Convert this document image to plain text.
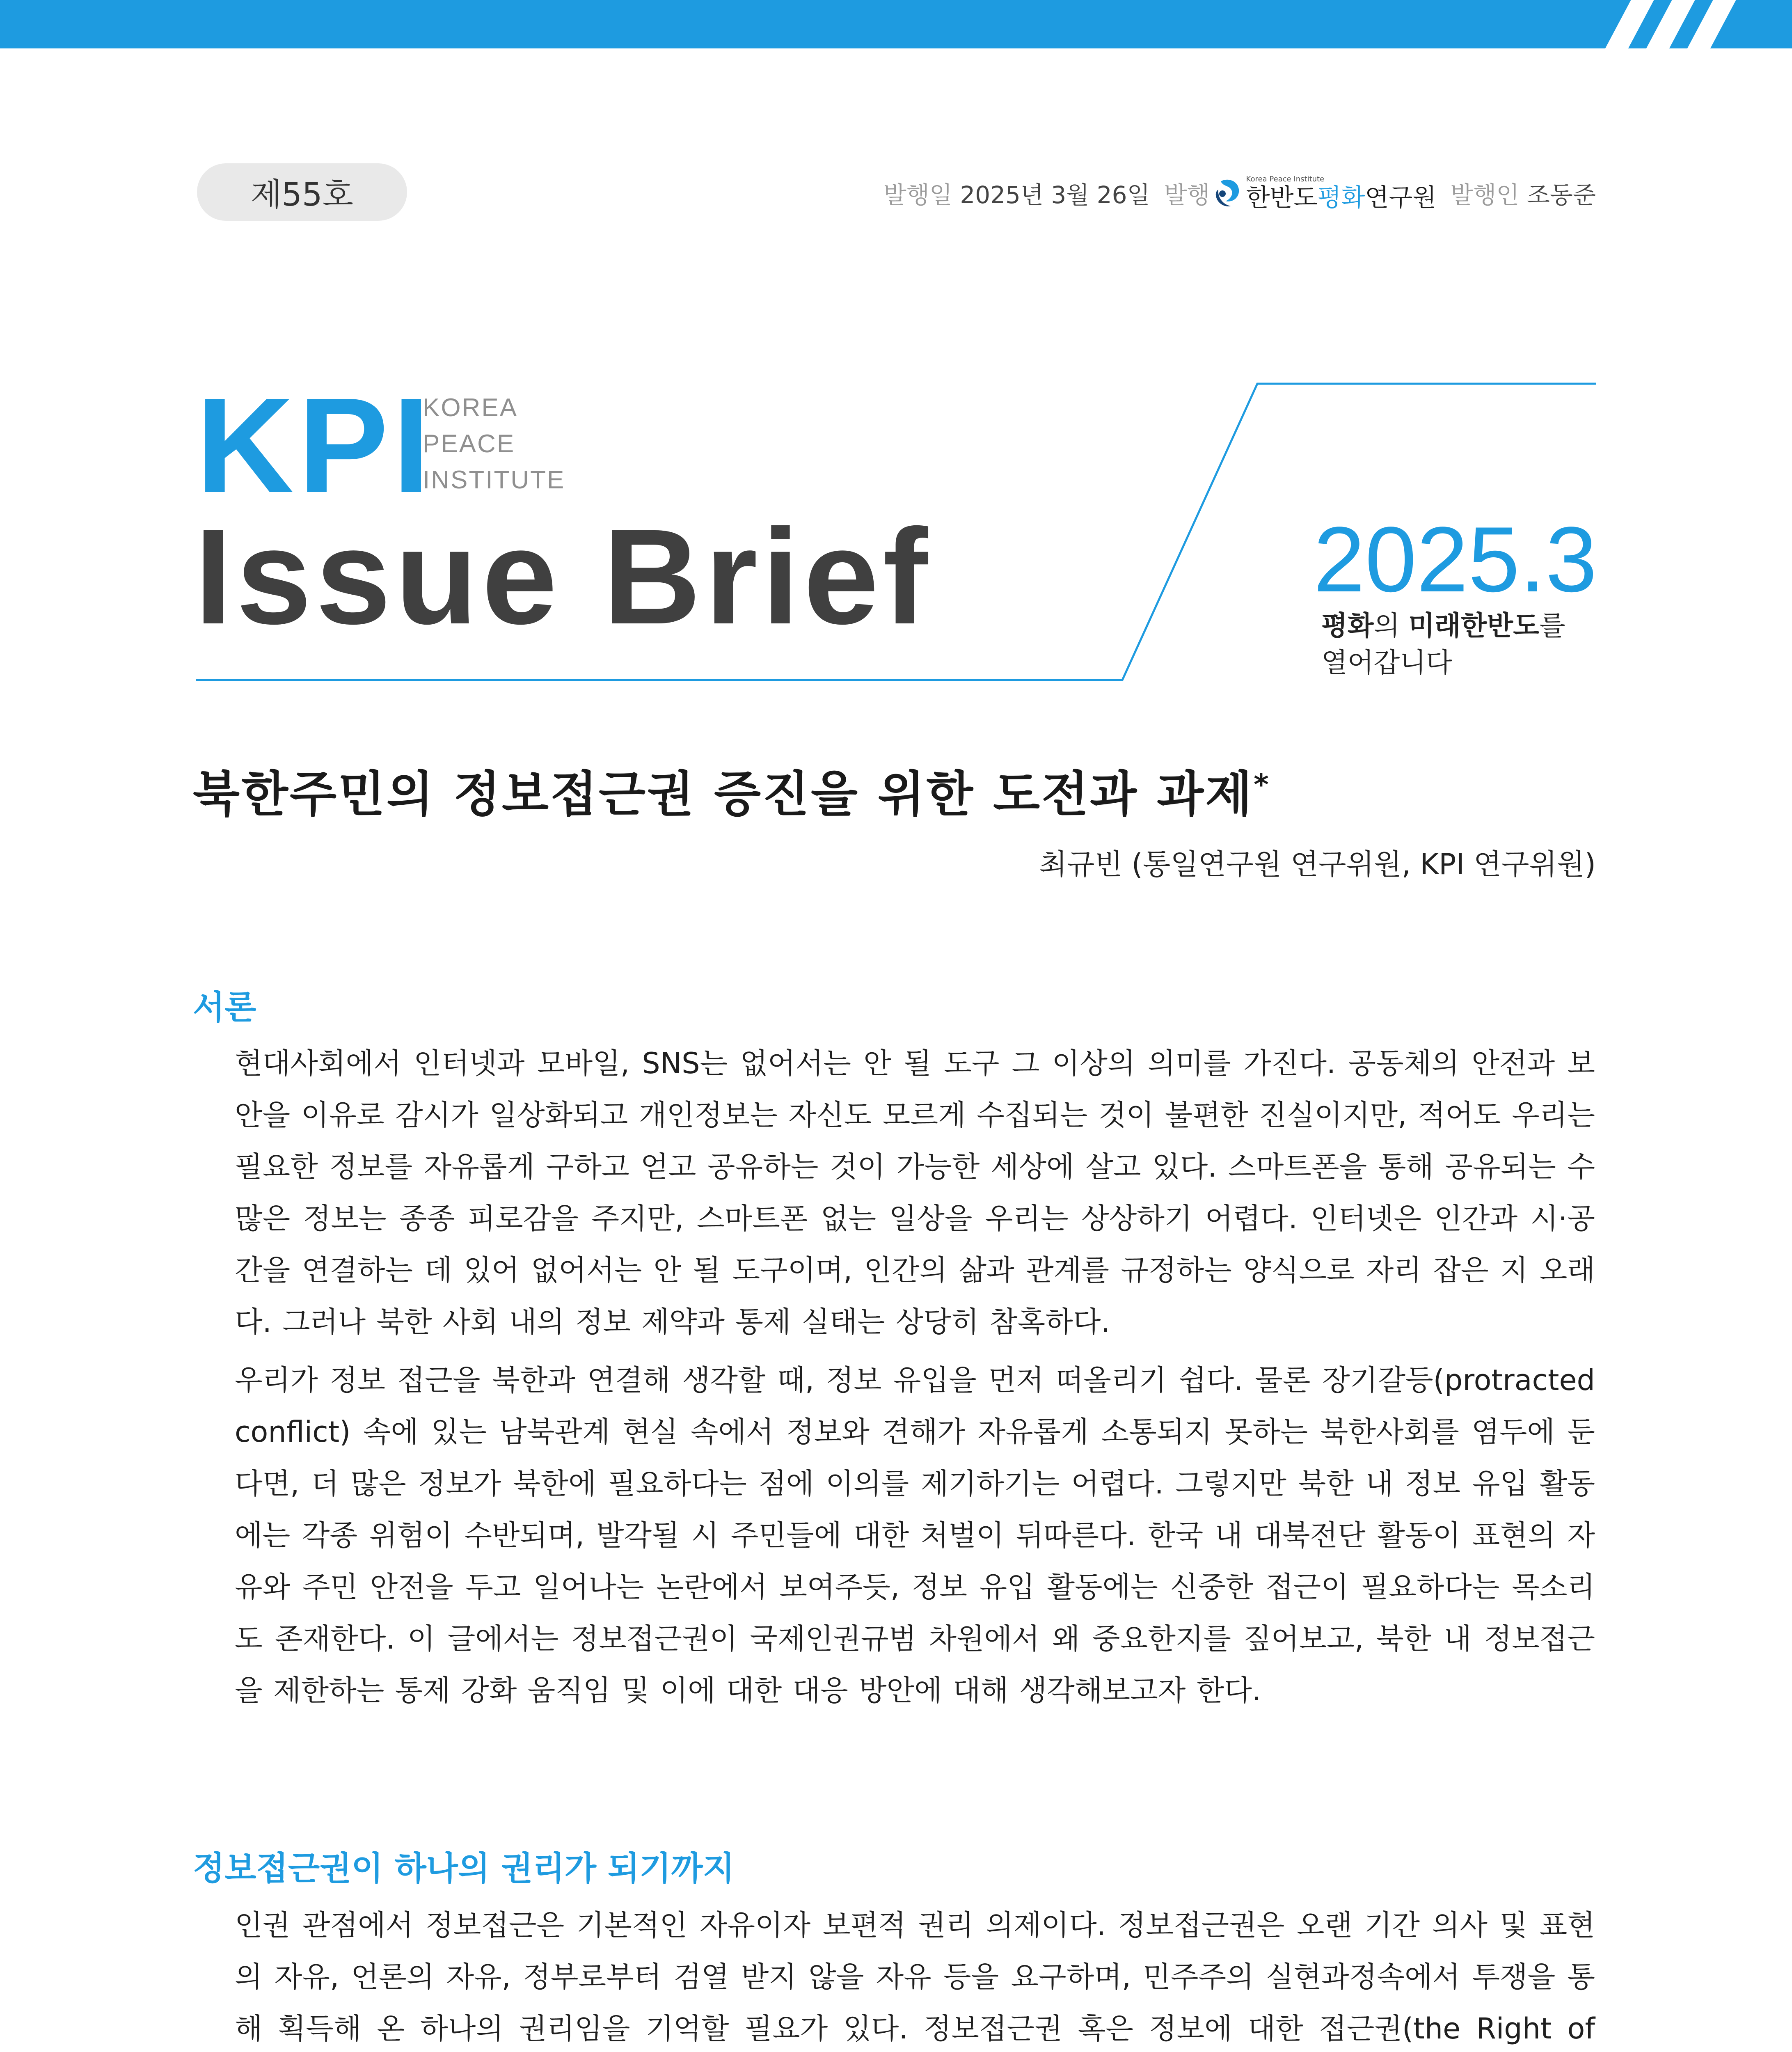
제55호	발행일 2025년 3월 26일 발행
Korea Peace Institute
한반도평화연구원 발행인 조동준
KPI
KOREA
PEACE
INSTITUTE
Issue Brief	2025.3
평화의 미래한반도를
열어갑니다
북한주민의 정보접근권 증진을 위한 도전과 과제*
최규빈 (통일연구원 연구위원, KPI 연구위원)
서론
현대사회에서 인터넷과 모바일, SNS는 없어서는 안 될 도구 그 이상의 의미를 가진다. 공동체의 안전과 보안을 이유로 감시가 일상화되고 개인정보는 자신도 모르게 수집되는 것이 불편한 진실이지만, 적어도 우리는 필요한 정보를 자유롭게 구하고 얻고 공유하는 것이 가능한 세상에 살고 있다. 스마트폰을 통해 공유되는 수많은 정보는 종종 피로감을 주지만, 스마트폰 없는 일상을 우리는 상상하기 어렵다. 인터넷은 인간과 시·공간을 연결하는 데 있어 없어서는 안 될 도구이며, 인간의 삶과 관계를 규정하는 양식으로 자리 잡은 지 오래다. 그러나 북한 사회 내의 정보 제약과 통제 실태는 상당히 참혹하다.
우리가 정보 접근을 북한과 연결해 생각할 때, 정보 유입을 먼저 떠올리기 쉽다. 물론 장기갈등(protracted conflict) 속에 있는 남북관계 현실 속에서 정보와 견해가 자유롭게 소통되지 못하는 북한사회를 염두에 둔다면, 더 많은 정보가 북한에 필요하다는 점에 이의를 제기하기는 어렵다. 그렇지만 북한 내 정보 유입 활동에는 각종 위험이 수반되며, 발각될 시 주민들에 대한 처벌이 뒤따른다. 한국 내 대북전단 활동이 표현의 자유와 주민 안전을 두고 일어나는 논란에서 보여주듯, 정보 유입 활동에는 신중한 접근이 필요하다는 목소리도 존재한다. 이 글에서는 정보접근권이 국제인권규범 차원에서 왜 중요한지를 짚어보고, 북한 내 정보접근을 제한하는 통제 강화 움직임 및 이에 대한 대응 방안에 대해 생각해보고자 한다.
정보접근권이 하나의 권리가 되기까지
인권 관점에서 정보접근은 기본적인 자유이자 보편적 권리 의제이다. 정보접근권은 오랜 기간 의사 및 표현의 자유, 언론의 자유, 정부로부터 검열 받지 않을 자유 등을 요구하며, 민주주의 실현과정속에서 투쟁을 통해 획득해 온 하나의 권리임을 기억할 필요가 있다. 정보접근권 혹은 정보에 대한 접근권(the Right of
